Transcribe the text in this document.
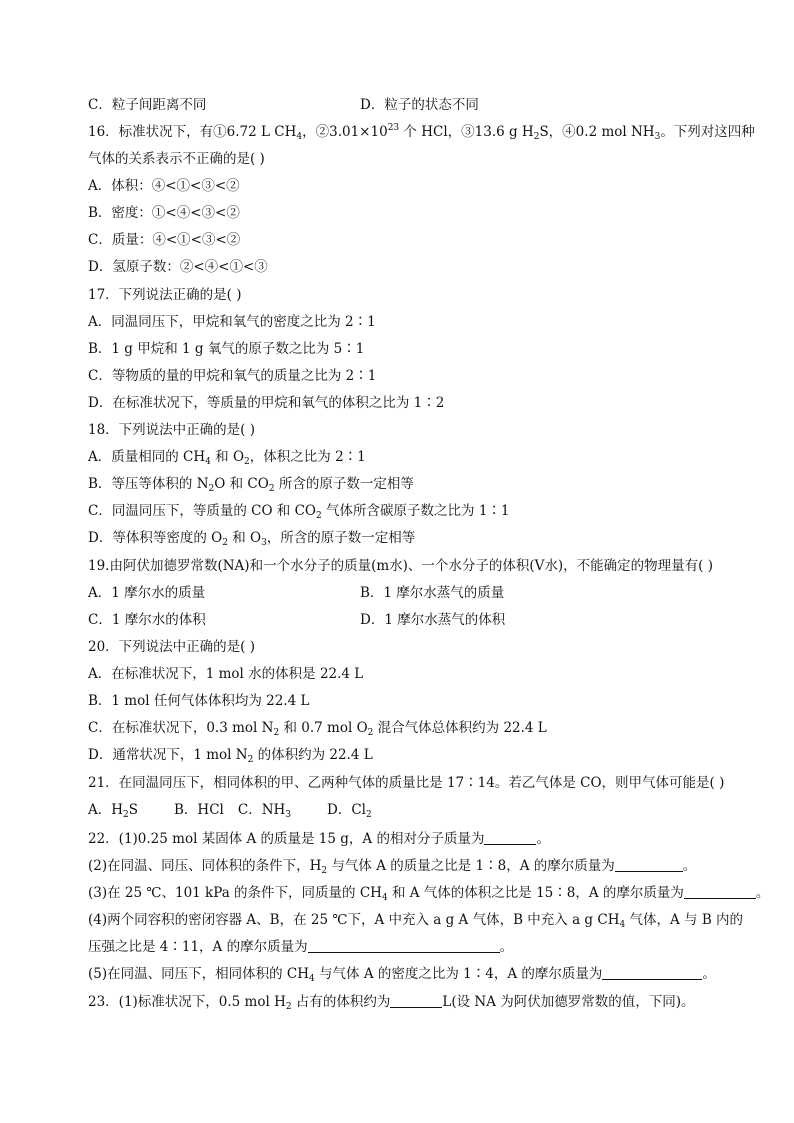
C．粒子间距离不同	D．粒子的状态不同
16．标准状况下，有①6.72 L $CH_4$，$②3.01\times 10^{23}$ 个 HCl，③13.6 g $H_2S$，④0.2 mol $NH_3$。下列对这四种
气体的关系表示不正确的是( )
A．体积：④<①<③<②
B．密度：①<④<③<②
C．质量：④<①<③<②
D．氢原子数：②<④<①<③
17．下列说法正确的是( )
A．同温同压下，甲烷和氧气的密度之比为 2∶1
B．1 g 甲烷和 1 g 氧气的原子数之比为 5∶1
C．等物质的量的甲烷和氧气的质量之比为 2∶1
D．在标准状况下，等质量的甲烷和氧气的体积之比为 1∶2
18．下列说法中正确的是( )
A．质量相同的 $CH_4$ 和 $O_2$，体积之比为 2∶1
B．等压等体积的 $N_2O$ 和 $CO_2$ 所含的原子数一定相等
C．同温同压下，等质量的 CO 和 $CO_2$ 气体所含碳原子数之比为 1∶1
D．等体积等密度的 $O_2$ 和 $O_3$，所含的原子数一定相等
19.由阿伏加德罗常数(NA)和一个水分子的质量(m水)、一个水分子的体积(V水)，不能确定的物理量有( )
A．1 摩尔水的质量	B．1 摩尔水蒸气的质量
C．1 摩尔水的体积	D．1 摩尔水蒸气的体积
20．下列说法中正确的是( )
A．在标准状况下，1 mol 水的体积是 22.4 L
B．1 mol 任何气体体积均为 22.4 L
C．在标准状况下，0.3 mol $N_2$ 和 0.7 mol $O_2$ 混合气体总体积约为 22.4 L
D．通常状况下，1 mol $N_2$ 的体积约为 22.4 L
21．在同温同压下，相同体积的甲、乙两种气体的质量比是 17∶14。若乙气体是 CO，则甲气体可能是( )
A．$H_2S$	B．HCl C．$NH_3$	D．$Cl_2$
22．(1)0.25 mol 某固体 A 的质量是 15 g，A 的相对分子质量为	。
(2)在同温、同压、同体积的条件下，$H_2$ 与气体 A 的质量之比是 1∶8，A 的摩尔质量为	。
(3)在 25 ℃、101 kPa 的条件下，同质量的 $CH_4$ 和 A 气体的体积之比是 15∶8，A 的摩尔质量为	。
(4)两个同容积的密闭容器 A、B，在 25 ℃下，A 中充入 a g A 气体，B 中充入 a g $CH_4$ 气体，A 与 B 内的
压强之比是 4∶11，A 的摩尔质量为	。
(5)在同温、同压下，相同体积的 $CH_4$ 与气体 A 的密度之比为 1∶4，A 的摩尔质量为	。
23．(1)标准状况下，0.5 mol $H_2$ 占有的体积约为	L(设 NA 为阿伏加德罗常数的值，下同)。
